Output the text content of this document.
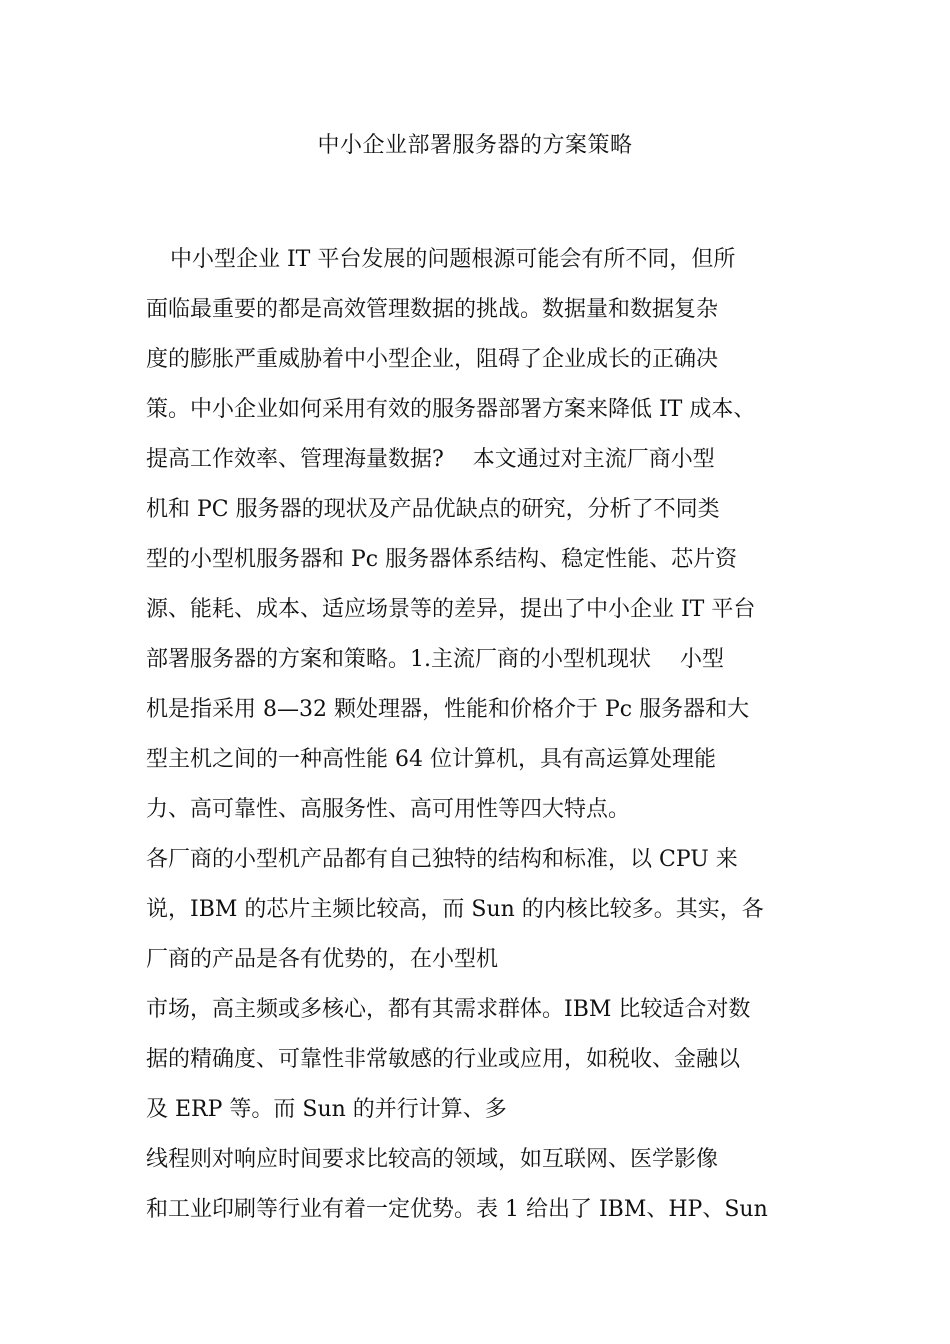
中小企业部署服务器的方案策略
中小型企业 IT 平台发展的问题根源可能会有所不同，但所
面临最重要的都是高效管理数据的挑战。数据量和数据复杂
度的膨胀严重威胁着中小型企业，阻碍了企业成长的正确决
策。中小企业如何采用有效的服务器部署方案来降低 IT 成本、
提高工作效率、管理海量数据?　 本文通过对主流厂商小型
机和 PC 服务器的现状及产品优缺点的研究，分析了不同类
型的小型机服务器和 Pc 服务器体系结构、稳定性能、芯片资
源、能耗、成本、适应场景等的差异，提出了中小企业 IT 平台
部署服务器的方案和策略。1.主流厂商的小型机现状　 小型
机是指采用 8—32 颗处理器，性能和价格介于 Pc 服务器和大
型主机之间的一种高性能 64 位计算机，具有高运算处理能
力、高可靠性、高服务性、高可用性等四大特点。
各厂商的小型机产品都有自己独特的结构和标准，以 CPU 来
说，IBM 的芯片主频比较高，而 Sun 的内核比较多。其实，各
厂商的产品是各有优势的，在小型机
市场，高主频或多核心，都有其需求群体。IBM 比较适合对数
据的精确度、可靠性非常敏感的行业或应用，如税收、金融以
及 ERP 等。而 Sun 的并行计算、多
线程则对响应时间要求比较高的领域，如互联网、医学影像
和工业印刷等行业有着一定优势。表 1 给出了 IBM、HP、Sun
